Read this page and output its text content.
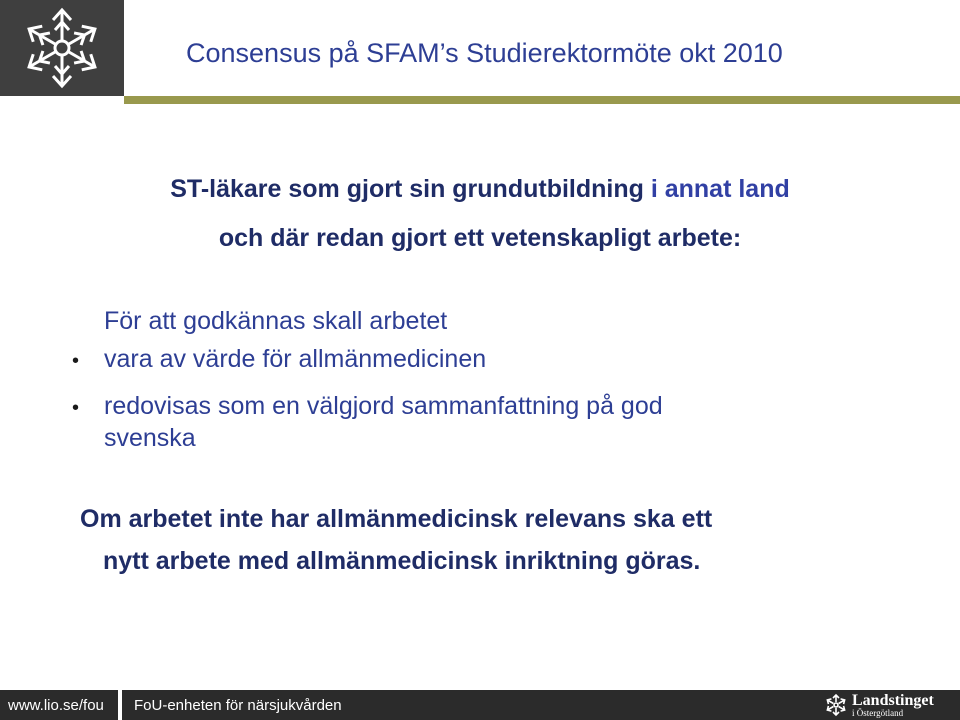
Consensus på SFAM’s Studierektormöte okt 2010
ST-läkare som gjort sin grundutbildning i annat land
och där redan gjort ett vetenskapligt arbete:
För att godkännas skall arbetet
• vara av värde för allmänmedicinen
• redovisas som en välgjord sammanfattning på god
svenska
Om arbetet inte har allmänmedicinsk relevans ska ett
nytt arbete med allmänmedicinsk inriktning göras.
www.lio.se/fou FoU-enheten för närsjukvården	Landstinget
i Östergötland
